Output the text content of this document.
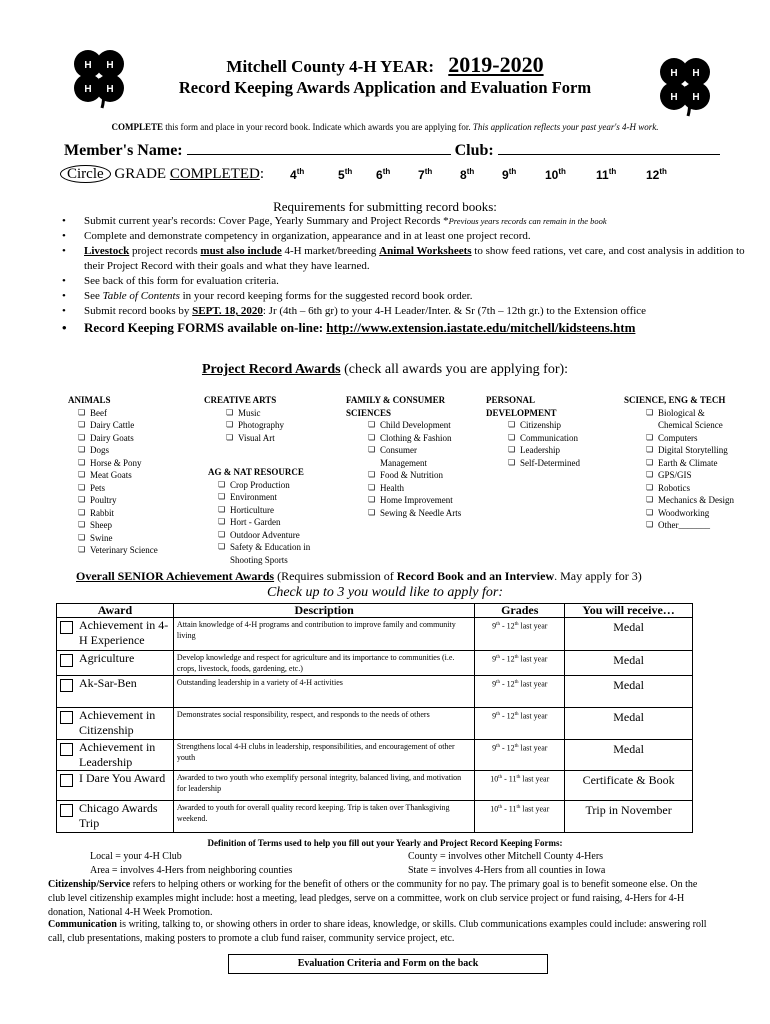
H H
H H
H H
H H
Mitchell County 4-H YEAR: 2019-2020
Record Keeping Awards Application and Evaluation Form
COMPLETE this form and place in your record book. Indicate which awards you are applying for. This application reflects your past year's 4-H work.
Member's Name:	Club:
Circle GRADE COMPLETED: 4th	5th 6th 7th 8th 9th 10th	11th 12th
Requirements for submitting record books:
• Submit current year's records: Cover Page, Yearly Summary and Project Records *Previous years records can remain in the book
• Complete and demonstrate competency in organization, appearance and in at least one project record.
• Livestock project records must also include 4-H market/breeding Animal Worksheets to show feed rations, vet care, and cost analysis in addition to their Project Record with their goals and what they have learned.
• See back of this form for evaluation criteria.
• See Table of Contents in your record keeping forms for the suggested record book order.
• Submit record books by SEPT. 18, 2020: Jr (4th – 6th gr) to your 4-H Leader/Inter. & Sr (7th – 12th gr.) to the Extension office
• Record Keeping FORMS available on-line: http://www.extension.iastate.edu/mitchell/kidsteens.htm
Project Record Awards (check all awards you are applying for):
ANIMALS
❏ Beef
❏ Dairy Cattle
❏ Dairy Goats
❏ Dogs
❏ Horse & Pony
❏ Meat Goats
❏ Pets
❏ Poultry
❏ Rabbit
❏ Sheep
❏ Swine
❏ Veterinary Science
CREATIVE ARTS
❏ Music
❏ Photography
❏ Visual Art
AG & NAT RESOURCE
❏ Crop Production
❏ Environment
❏ Horticulture
❏ Hort - Garden
❏ Outdoor Adventure
❏ Safety & Education in
Shooting Sports
FAMILY & CONSUMER
SCIENCES
❏ Child Development
❏ Clothing & Fashion
❏ Consumer
Management
❏ Food & Nutrition
❏ Health
❏ Home Improvement
❏ Sewing & Needle Arts
PERSONAL
DEVELOPMENT
❏ Citizenship
❏ Communication
❏ Leadership
❏ Self-Determined
SCIENCE, ENG & TECH
❏ Biological &
Chemical Science
❏ Computers
❏ Digital Storytelling
❏ Earth & Climate
❏ GPS/GIS
❏ Robotics
❏ Mechanics & Design
❏ Woodworking
❏ Other_______
Overall SENIOR Achievement Awards (Requires submission of Record Book and an Interview. May apply for 3)
Check up to 3 you would like to apply for:
Award	Description	Grades	You will receive…

Achievement in 4-H Experience	Attain knowledge of 4-H programs and contribution to improve family and community living	9th - 12th last year	Medal

Agriculture	Develop knowledge and respect for agriculture and its importance to communities (i.e. crops, livestock, foods, gardening, etc.)	9th - 12th last year	Medal

Ak-Sar-Ben	Outstanding leadership in a variety of 4-H activities	9th - 12th last year	Medal

Achievement in Citizenship	Demonstrates social responsibility, respect, and responds to the needs of others	9th - 12th last year	Medal

Achievement in Leadership	Strengthens local 4-H clubs in leadership, responsibilities, and encouragement of other youth	9th - 12th last year	Medal

I Dare You Award	Awarded to two youth who exemplify personal integrity, balanced living, and motivation for leadership	10th - 11th last year	Certificate & Book

Chicago Awards Trip	Awarded to youth for overall quality record keeping. Trip is taken over Thanksgiving weekend.	10th - 11th last year	Trip in November
Definition of Terms used to help you fill out your Yearly and Project Record Keeping Forms:
Local = your 4-H Club	County = involves other Mitchell County 4-Hers
Area = involves 4-Hers from neighboring counties	State = involves 4-Hers from all counties in Iowa
Citizenship/Service refers to helping others or working for the benefit of others or the community for no pay. The primary goal is to benefit someone else. On the club level citizenship examples might include: host a meeting, lead pledges, serve on a committee, work on club service project or fund raising, 4-Hers for 4-H donation, National 4-H Week Promotion.
Communication is writing, talking to, or showing others in order to share ideas, knowledge, or skills. Club communications examples could include: answering roll call, club presentations, making posters to promote a club fund raiser, community service project, etc.
Evaluation Criteria and Form on the back
